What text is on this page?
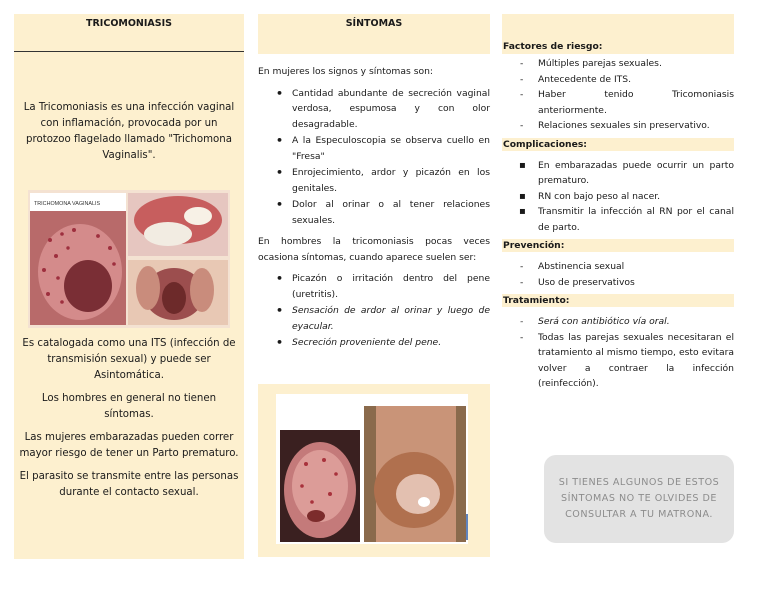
TRICOMONIASIS
La Tricomoniasis es una infección vaginal con inflamación, provocada por un protozoo flagelado llamado "Trichomona Vaginalis".
TRICHOMONA VAGINALIS
Es catalogada como una ITS (infección de transmisión sexual) y puede ser Asintomática.
Los hombres en general no tienen síntomas.
Las mujeres embarazadas pueden correr mayor riesgo de tener un Parto prematuro.
El parasito se transmite entre las personas durante el contacto sexual.
SÍNTOMAS
En mujeres los signos y síntomas son:
• Cantidad abundante de secreción vaginal verdosa, espumosa y con olor desagradable.
• A la Especuloscopia se observa cuello en "Fresa"
• Enrojecimiento, ardor y picazón en los genitales.
• Dolor al orinar o al tener relaciones sexuales.
En hombres la tricomoniasis pocas veces ocasiona síntomas, cuando aparece suelen ser:
• Picazón o irritación dentro del pene (uretritis).
• Sensación de ardor al orinar y luego de eyacular.
• Secreción proveniente del pene.
Factores de riesgo:
- Múltiples parejas sexuales.
- Antecedente de ITS.
- Haber tenido Tricomoniasis anteriormente.
- Relaciones sexuales sin preservativo.
Complicaciones:
▪ En embarazadas puede ocurrir un parto prematuro.
▪ RN con bajo peso al nacer.
▪ Transmitir la infección al RN por el canal de parto.
Prevención:
- Abstinencia sexual
- Uso de preservativos
Tratamiento:
- Será con antibiótico vía oral.
- Todas las parejas sexuales necesitaran el tratamiento al mismo tiempo, esto evitara volver a contraer la infección (reinfección).
SI TIENES ALGUNOS DE ESTOS SÍNTOMAS NO TE OLVIDES DE CONSULTAR A TU MATRONA.
